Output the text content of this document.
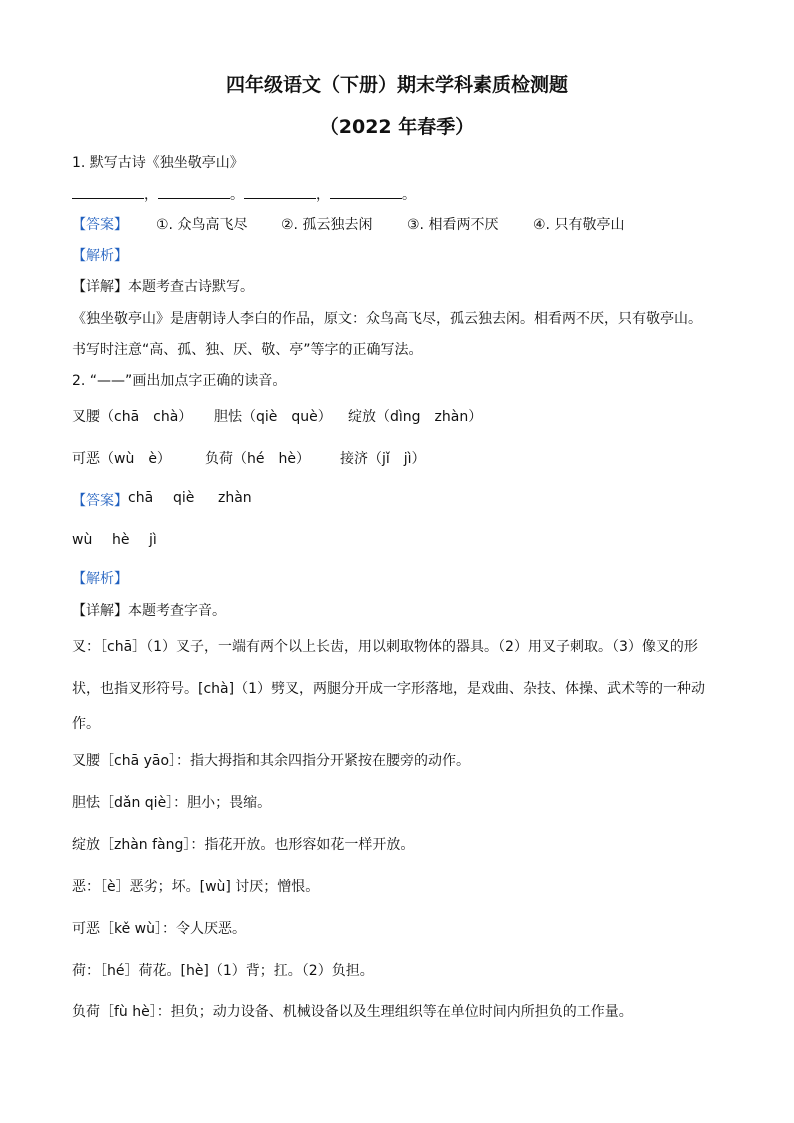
四年级语文（下册）期末学科素质检测题
（2022 年春季）
1. 默写古诗《独坐敬亭山》
，	。	，	。
【答案】 ①. 众鸟高飞尽 ②. 孤云独去闲 ③. 相看两不厌 ④. 只有敬亭山
【解析】
【详解】本题考查古诗默写。
《独坐敬亭山》是唐朝诗人李白的作品，原文：众鸟高飞尽，孤云独去闲。相看两不厌，只有敬亭山。
书写时注意“高、孤、独、厌、敬、亭”等字的正确写法。
2. “——”画出加点字正确的读音。
叉腰（chā　chà） 胆怯（qiè　què） 绽放（dìng　zhàn）
可恶（wù　è） 负荷（hé　hè） 接济（jǐ　jì）
【答案】 chā qiè zhàn
wù hè jì
【解析】
【详解】本题考查字音。
叉：［chā］（1）叉子，一端有两个以上长齿，用以刺取物体的器具。（2）用叉子刺取。（3）像叉的形
状，也指叉形符号。[chà]（1）劈叉，两腿分开成一字形落地，是戏曲、杂技、体操、武术等的一种动
作。
叉腰［chā yāo］：指大拇指和其余四指分开紧按在腰旁的动作。
胆怯［dǎn qiè］：胆小；畏缩。
绽放［zhàn fàng］：指花开放。也形容如花一样开放。
恶：［è］恶劣；坏。[wù] 讨厌；憎恨。
可恶［kě wù］：令人厌恶。
荷：［hé］荷花。[hè]（1）背；扛。（2）负担。
负荷［fù hè］：担负；动力设备、机械设备以及生理组织等在单位时间内所担负的工作量。
